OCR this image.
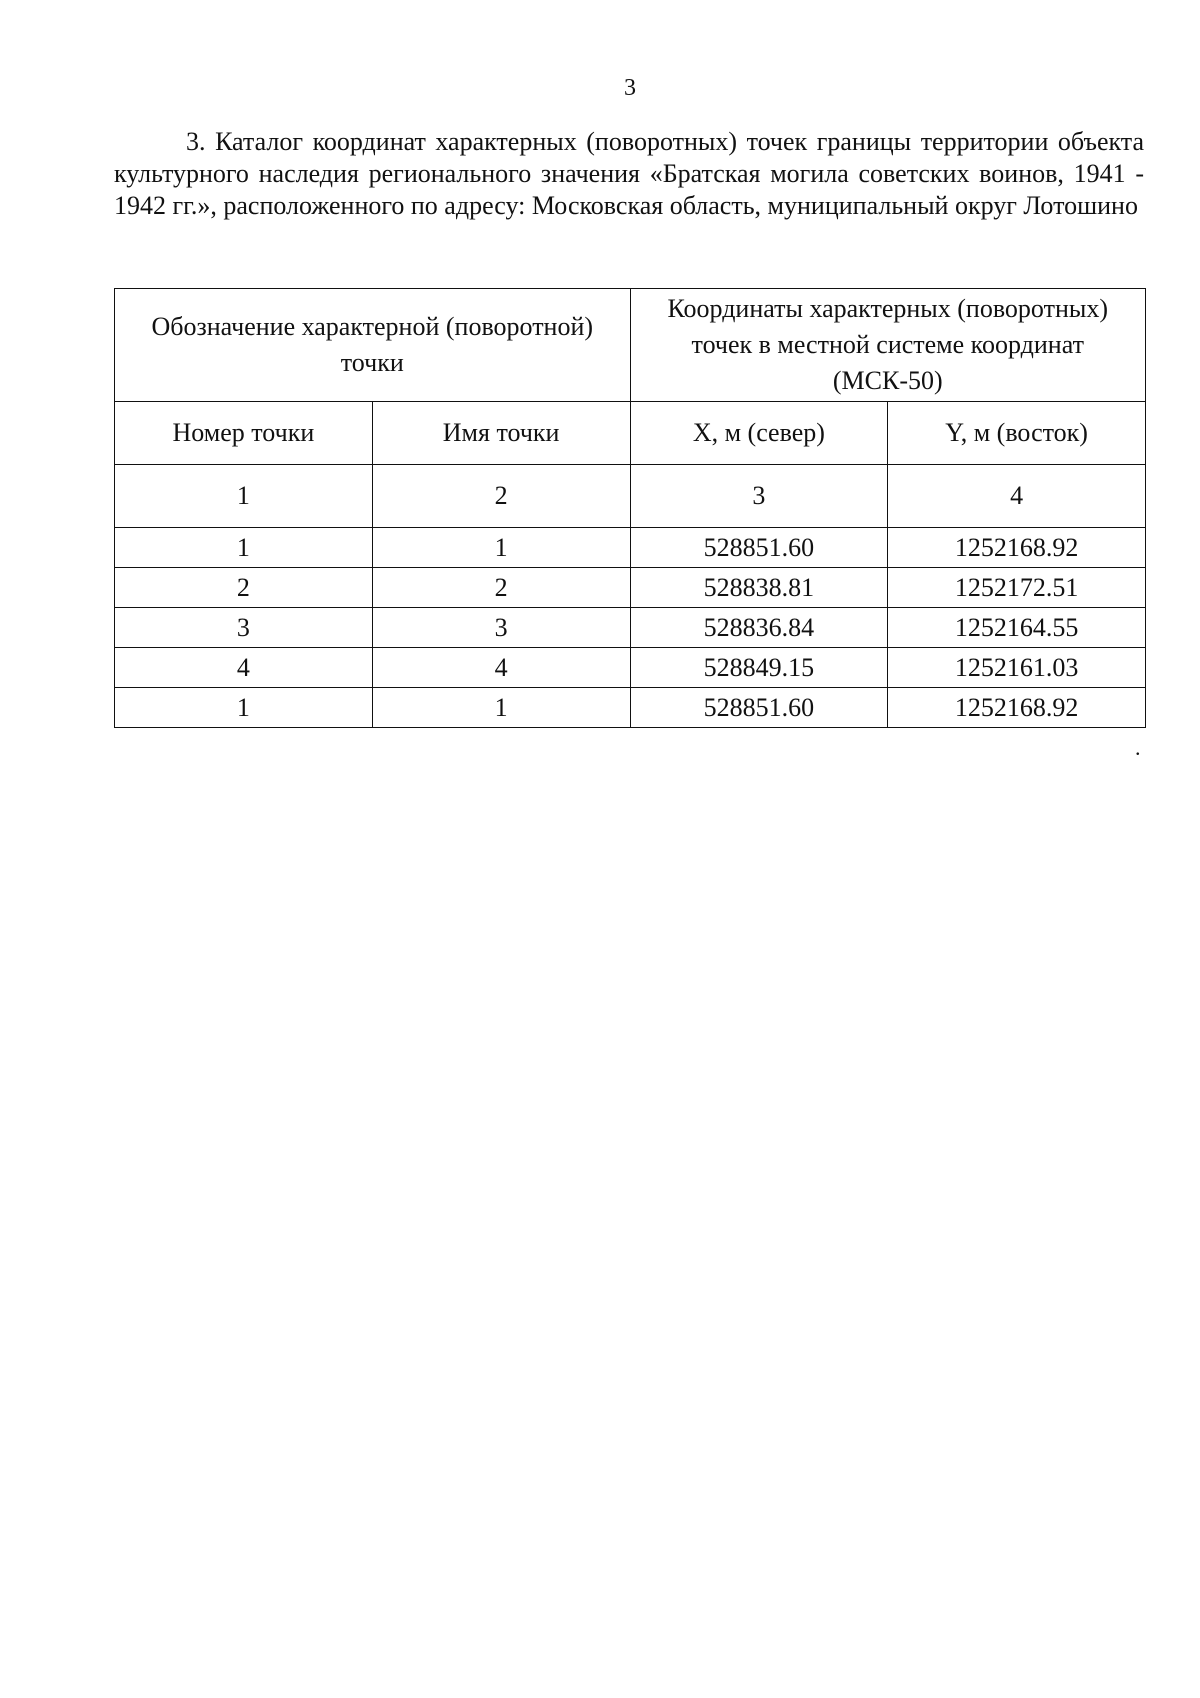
3

3. Каталог координат характерных (поворотных) точек границы территории объекта культурного наследия регионального значения «Братская могила советских воинов, 1941 - 1942 гг.», расположенного по адресу: Московская область, муниципальный округ Лотошино

Обозначение характерной (поворотной) точки		Координаты характерных (поворотных) точек в местной системе координат (МСК-50)	
Номер точки	Имя точки	X, м (север)	Y, м (восток)
1	2	3	4
1	1	528851.60	1252168.92
2	2	528838.81	1252172.51
3	3	528836.84	1252164.55
4	4	528849.15	1252161.03
1	1	528851.60	1252168.92
.
